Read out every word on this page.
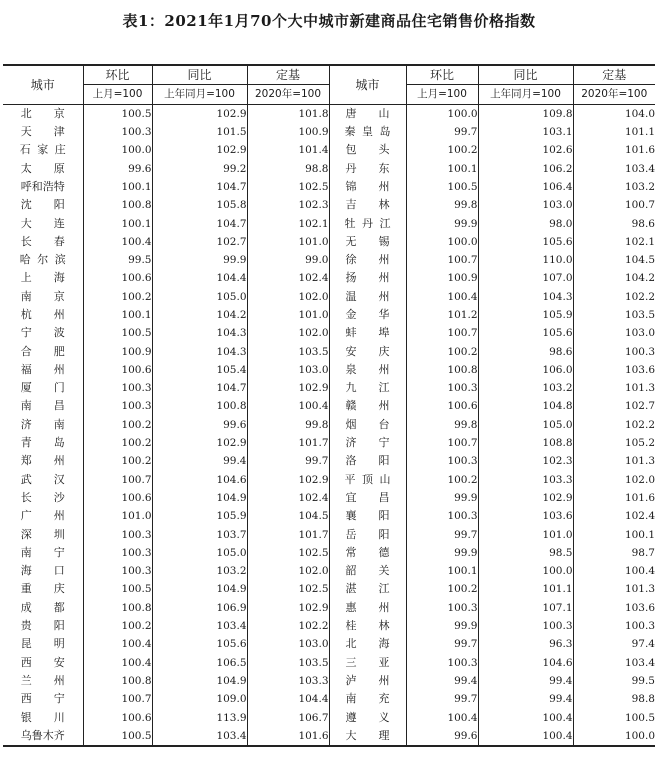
表1：2021年1月70个大中城市新建商品住宅销售价格指数
城市	环比	同比	定基	城市	环比	同比	定基
	上月=100	上年同月=100	2020年=100		上月=100	上年同月=100	2020年=100
北京	100.5	102.9	101.8	唐山	100.0	109.8	104.0
天津	100.3	101.5	100.9	秦皇岛	99.7	103.1	101.1
石家庄	100.0	102.9	101.4	包头	100.2	102.6	101.6
太原	99.6	99.2	98.8	丹东	100.1	106.2	103.4
呼和浩特	100.1	104.7	102.5	锦州	100.5	106.4	103.2
沈阳	100.8	105.8	102.3	吉林	99.8	103.0	100.7
大连	100.1	104.7	102.1	牡丹江	99.9	98.0	98.6
长春	100.4	102.7	101.0	无锡	100.0	105.6	102.1
哈尔滨	99.5	99.9	99.0	徐州	100.7	110.0	104.5
上海	100.6	104.4	102.4	扬州	100.9	107.0	104.2
南京	100.2	105.0	102.0	温州	100.4	104.3	102.2
杭州	100.1	104.2	101.0	金华	101.2	105.9	103.5
宁波	100.5	104.3	102.0	蚌埠	100.7	105.6	103.0
合肥	100.9	104.3	103.5	安庆	100.2	98.6	100.3
福州	100.6	105.4	103.0	泉州	100.8	106.0	103.6
厦门	100.3	104.7	102.9	九江	100.3	103.2	101.3
南昌	100.3	100.8	100.4	赣州	100.6	104.8	102.7
济南	100.2	99.6	99.8	烟台	99.8	105.0	102.2
青岛	100.2	102.9	101.7	济宁	100.7	108.8	105.2
郑州	100.2	99.4	99.7	洛阳	100.3	102.3	101.3
武汉	100.7	104.6	102.9	平顶山	100.2	103.3	102.0
长沙	100.6	104.9	102.4	宜昌	99.9	102.9	101.6
广州	101.0	105.9	104.5	襄阳	100.3	103.6	102.4
深圳	100.3	103.7	101.7	岳阳	99.7	101.0	100.1
南宁	100.3	105.0	102.5	常德	99.9	98.5	98.7
海口	100.3	103.2	102.0	韶关	100.1	100.0	100.4
重庆	100.5	104.9	102.5	湛江	100.2	101.1	101.3
成都	100.8	106.9	102.9	惠州	100.3	107.1	103.6
贵阳	100.2	103.4	102.2	桂林	99.9	100.3	100.3
昆明	100.4	105.6	103.0	北海	99.7	96.3	97.4
西安	100.4	106.5	103.5	三亚	100.3	104.6	103.4
兰州	100.8	104.9	103.3	泸州	99.4	99.4	99.5
西宁	100.7	109.0	104.4	南充	99.7	99.4	98.8
银川	100.6	113.9	106.7	遵义	100.4	100.4	100.5
乌鲁木齐	100.5	103.4	101.6	大理	99.6	100.4	100.0
